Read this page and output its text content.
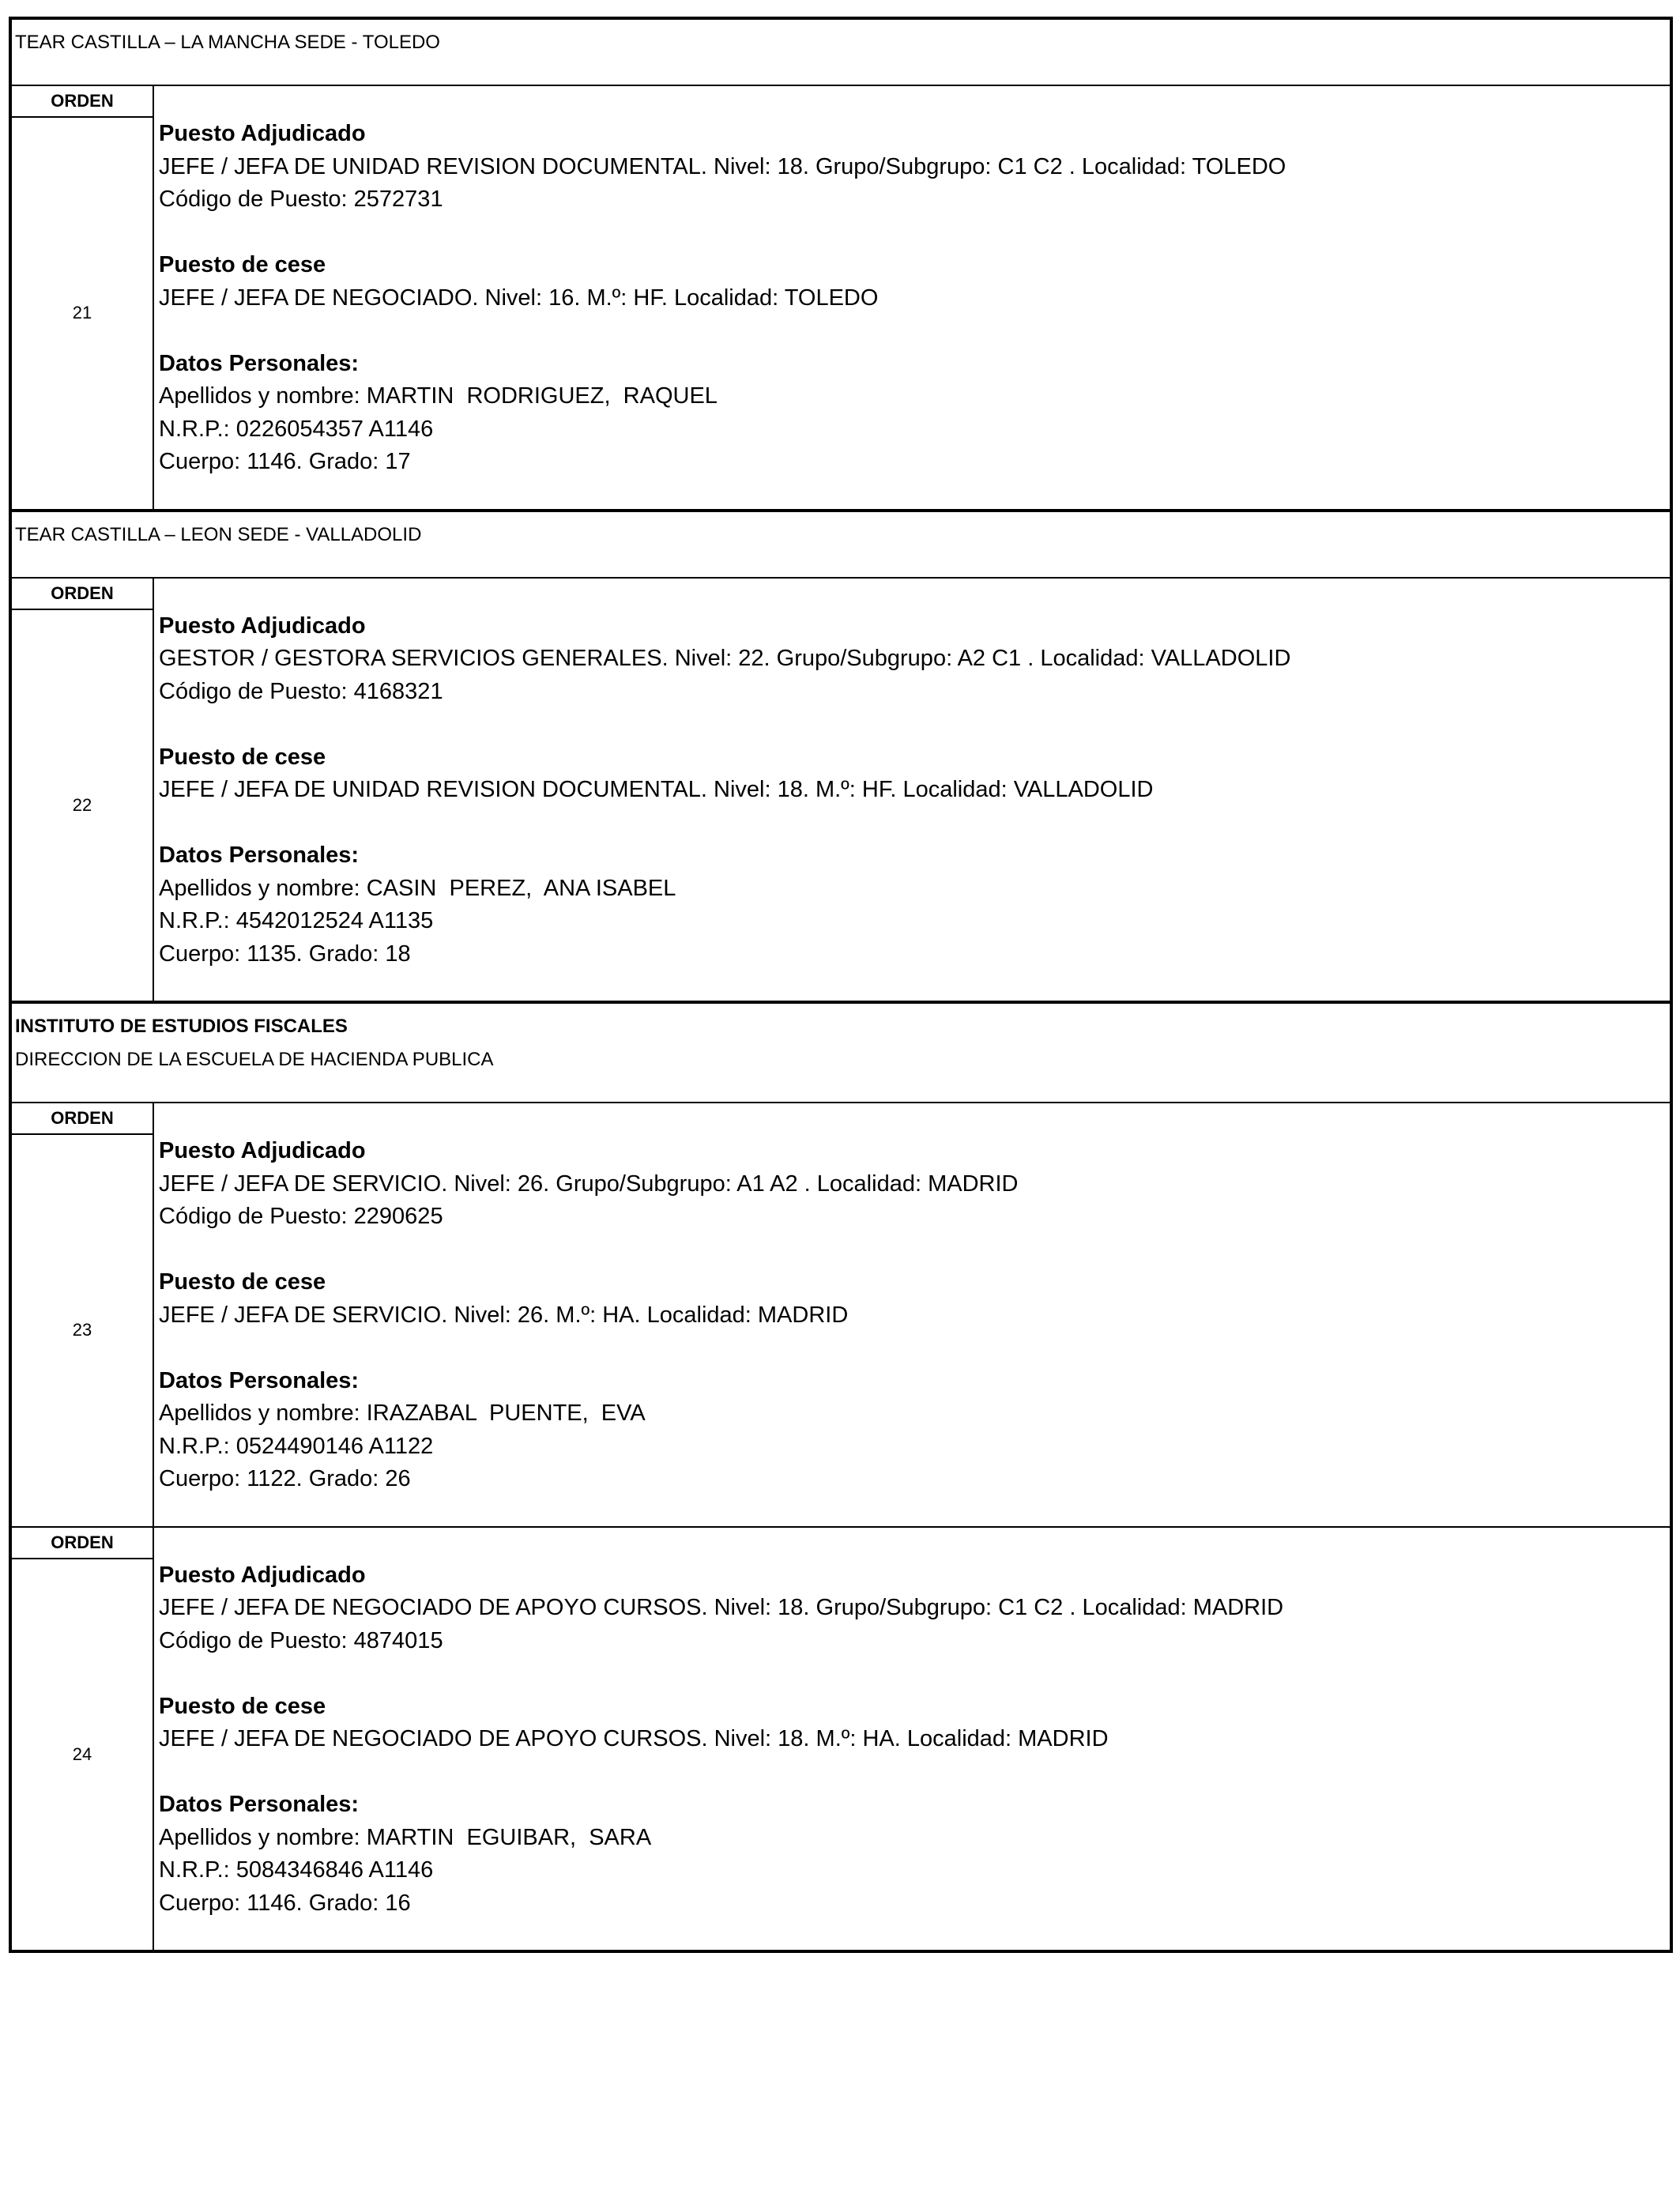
TEAR CASTILLA – LA MANCHA SEDE - TOLEDO
ORDEN
21
Puesto Adjudicado
JEFE / JEFA DE UNIDAD REVISION DOCUMENTAL. Nivel: 18. Grupo/Subgrupo: C1 C2 . Localidad: TOLEDO
Código de Puesto: 2572731
Puesto de cese
JEFE / JEFA DE NEGOCIADO. Nivel: 16. M.º: HF. Localidad: TOLEDO
Datos Personales:
Apellidos y nombre: MARTIN  RODRIGUEZ,  RAQUEL
N.R.P.: 0226054357 A1146
Cuerpo: 1146. Grado: 17
TEAR CASTILLA – LEON SEDE - VALLADOLID
ORDEN
22
Puesto Adjudicado
GESTOR / GESTORA SERVICIOS GENERALES. Nivel: 22. Grupo/Subgrupo: A2 C1 . Localidad: VALLADOLID
Código de Puesto: 4168321
Puesto de cese
JEFE / JEFA DE UNIDAD REVISION DOCUMENTAL. Nivel: 18. M.º: HF. Localidad: VALLADOLID
Datos Personales:
Apellidos y nombre: CASIN  PEREZ,  ANA ISABEL
N.R.P.: 4542012524 A1135
Cuerpo: 1135. Grado: 18
INSTITUTO DE ESTUDIOS FISCALES
DIRECCION DE LA ESCUELA DE HACIENDA PUBLICA
ORDEN
23
Puesto Adjudicado
JEFE / JEFA DE SERVICIO. Nivel: 26. Grupo/Subgrupo: A1 A2 . Localidad: MADRID
Código de Puesto: 2290625
Puesto de cese
JEFE / JEFA DE SERVICIO. Nivel: 26. M.º: HA. Localidad: MADRID
Datos Personales:
Apellidos y nombre: IRAZABAL  PUENTE,  EVA
N.R.P.: 0524490146 A1122
Cuerpo: 1122. Grado: 26
ORDEN
24
Puesto Adjudicado
JEFE / JEFA DE NEGOCIADO DE APOYO CURSOS. Nivel: 18. Grupo/Subgrupo: C1 C2 . Localidad: MADRID
Código de Puesto: 4874015
Puesto de cese
JEFE / JEFA DE NEGOCIADO DE APOYO CURSOS. Nivel: 18. M.º: HA. Localidad: MADRID
Datos Personales:
Apellidos y nombre: MARTIN  EGUIBAR,  SARA
N.R.P.: 5084346846 A1146
Cuerpo: 1146. Grado: 16
